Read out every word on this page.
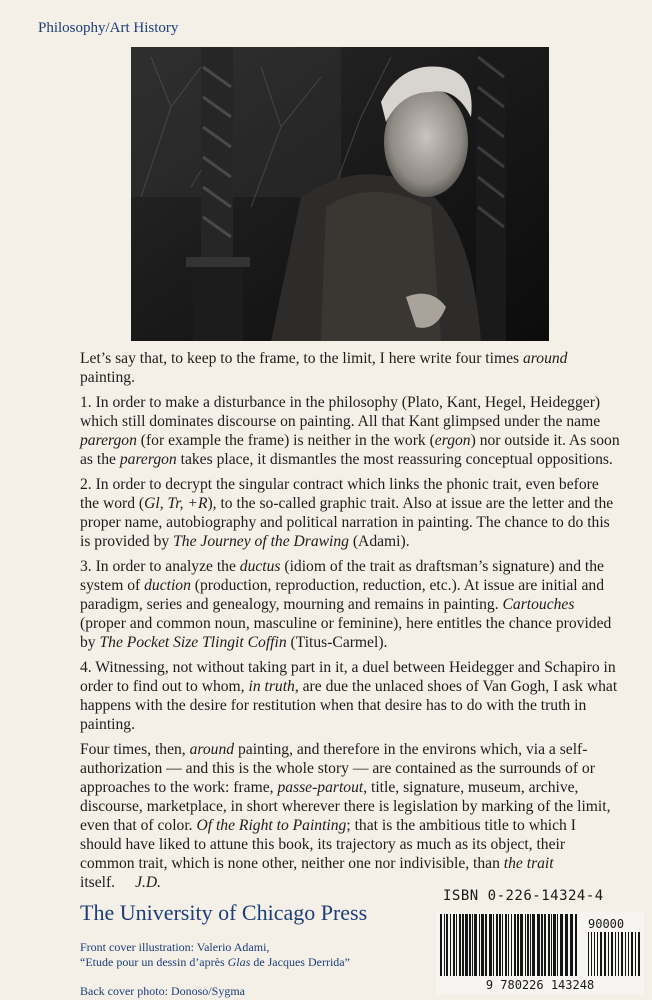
Philosophy/Art History

Let’s say that, to keep to the frame, to the limit, I here write four times around painting.

1. In order to make a disturbance in the philosophy (Plato, Kant, Hegel, Heidegger) which still dominates discourse on painting. All that Kant glimpsed under the name parergon (for example the frame) is neither in the work (ergon) nor outside it. As soon as the parergon takes place, it dismantles the most reassuring conceptual oppositions.

2. In order to decrypt the singular contract which links the phonic trait, even before the word (Gl, Tr, +R), to the so-called graphic trait. Also at issue are the letter and the proper name, autobiography and political narration in painting. The chance to do this is provided by The Journey of the Drawing (Adami).

3. In order to analyze the ductus (idiom of the trait as draftsman’s signature) and the system of duction (production, reproduction, reduction, etc.). At issue are initial and paradigm, series and genealogy, mourning and remains in painting. Cartouches (proper and common noun, masculine or feminine), here entitles the chance provided by The Pocket Size Tlingit Coffin (Titus-Carmel).

4. Witnessing, not without taking part in it, a duel between Heidegger and Schapiro in order to find out to whom, in truth, are due the unlaced shoes of Van Gogh, I ask what happens with the desire for restitution when that desire has to do with the truth in painting.

Four times, then, around painting, and therefore in the environs which, via a self-authorization — and this is the whole story — are contained as the surrounds of or approaches to the work: frame, passe-partout, title, signature, museum, archive, discourse, marketplace, in short wherever there is legislation by marking of the limit, even that of color. Of the Right to Painting; that is the ambitious title to which I should have liked to attune this book, its trajectory as much as its object, their common trait, which is none other, neither one nor indivisible, than the trait itself. J.D.

ISBN 0-226-14324-4
The University of Chicago Press
Front cover illustration: Valerio Adami,
“Etude pour un dessin d’après Glas de Jacques Derrida”
Back cover photo: Donoso/Sygma
90000
9 780226 143248
